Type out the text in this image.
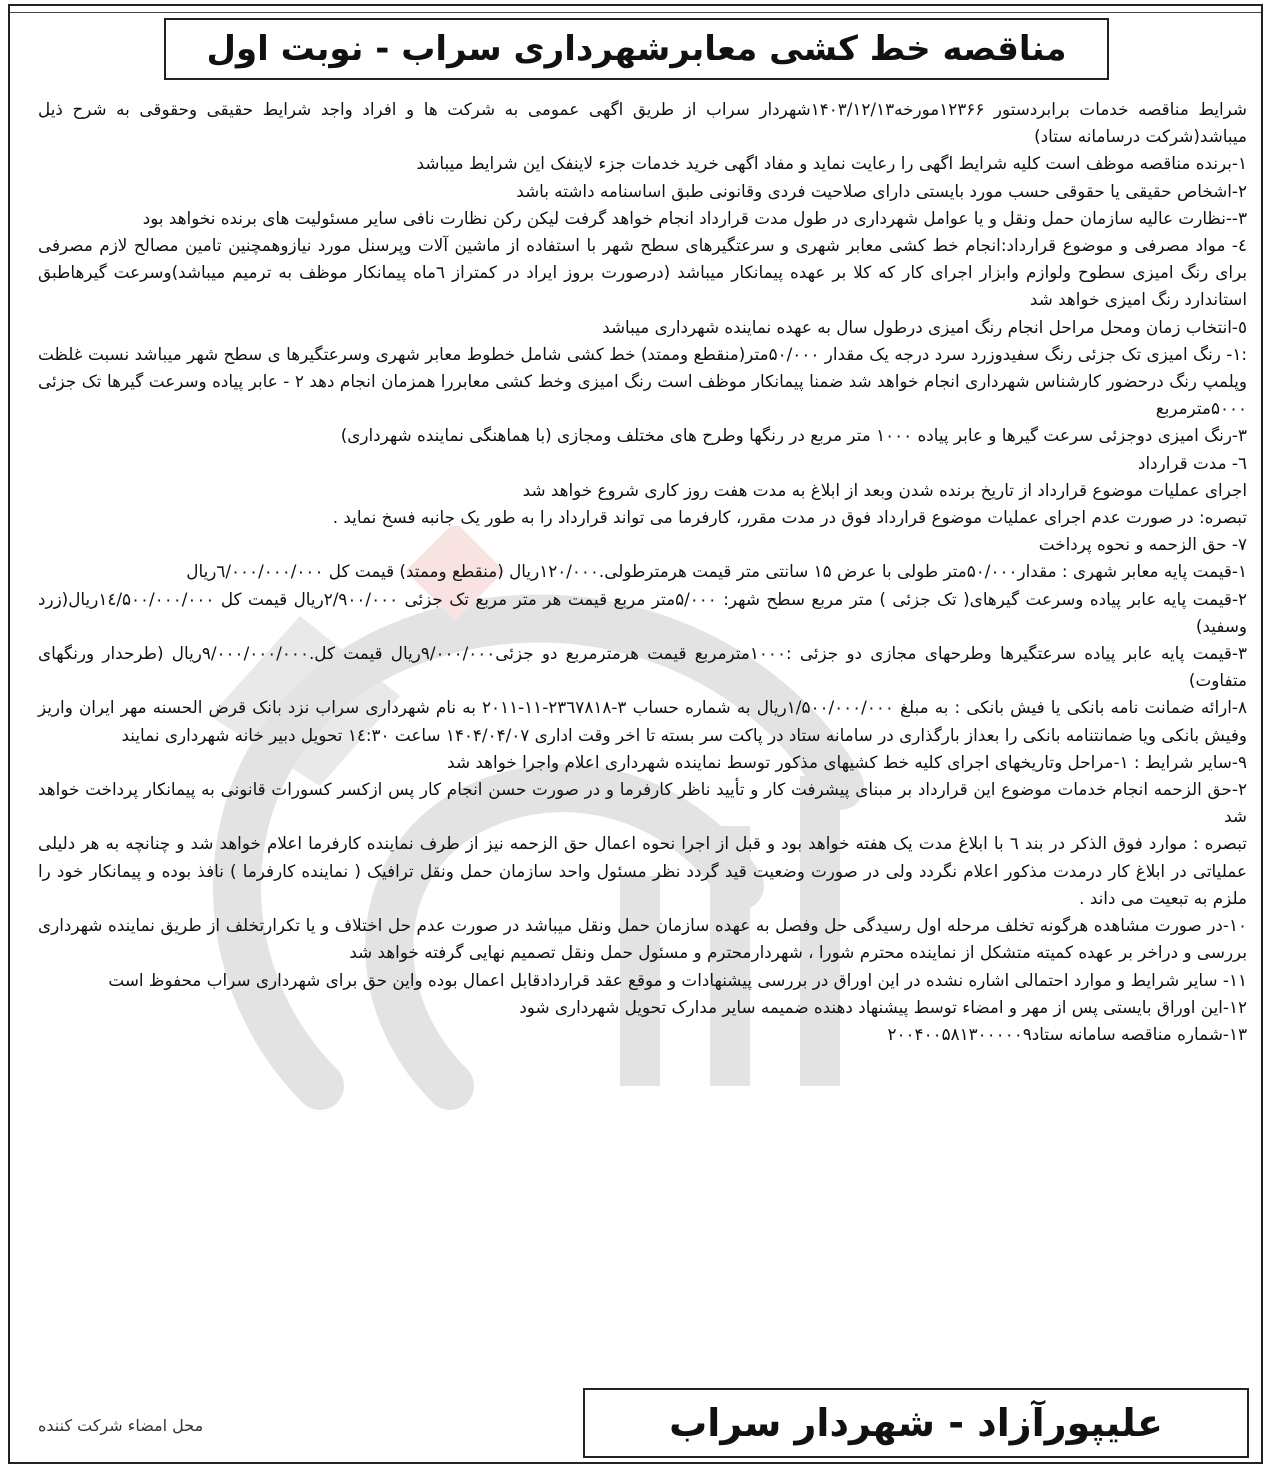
مناقصه خط کشی معابرشهرداری سراب - نوبت اول

شرایط مناقصه خدمات برابردستور ۱۲۳۶۶مورخه۱۴۰۳/۱۲/۱۳شهردار سراب از طریق اگهی عمومی به شرکت ها و افراد واجد شرایط حقیقی وحقوقی به شرح ذیل میباشد(شرکت درسامانه ستاد)

۱-برنده مناقصه موظف است کلیه شرایط اگهی را رعایت نماید و مفاد اگهی خرید خدمات جزء لاینفک این شرایط میباشد

۲-اشخاص حقیقی یا حقوقی حسب مورد بایستی دارای صلاحیت فردی وقانونی طبق اساسنامه داشته باشد

۳--نظارت عالیه سازمان حمل ونقل و یا عوامل شهرداری در طول مدت قرارداد انجام خواهد گرفت لیکن رکن نظارت نافی سایر مسئولیت های برنده نخواهد بود

٤- مواد مصرفی و موضوع قرارداد:انجام خط کشی معابر شهری و سرعتگیرهای سطح شهر با استفاده از ماشین آلات وپرسنل مورد نیازوهمچنین تامین مصالح لازم مصرفی برای رنگ امیزی سطوح ولوازم وابزار اجرای کار که کلا بر عهده پیمانکار میباشد (درصورت بروز ایراد در کمتراز ٦ماه پیمانکار موظف به ترمیم میباشد)وسرعت گیرهاطبق استاندارد رنگ امیزی خواهد شد

٥-انتخاب زمان ومحل مراحل انجام رنگ امیزی درطول سال به عهده نماینده شهرداری میباشد

:۱- رنگ امیزی تک جزئی رنگ سفیدوزرد سرد درجه یک مقدار ۵۰/۰۰۰متر(منقطع وممتد) خط کشی شامل خطوط معابر شهری وسرعتگیرها ی سطح شهر میباشد نسبت غلظت وپلمپ رنگ درحضور کارشناس شهرداری انجام خواهد شد ضمنا پیمانکار موظف است رنگ امیزی وخط کشی معابررا همزمان انجام دهد ۲ - عابر پیاده وسرعت گیرها تک جزئی ۵۰۰۰مترمربع

۳-رنگ امیزی دوجزئی سرعت گیرها و عابر پیاده ۱۰۰۰ متر مربع در رنگها وطرح های مختلف ومجازی (با هماهنگی نماینده شهرداری)

٦- مدت قرارداد

اجرای عملیات موضوع قرارداد از تاریخ برنده شدن وبعد از ابلاغ به مدت هفت روز کاری شروع خواهد شد

تبصره: در صورت عدم اجرای عملیات موضوع قرارداد فوق در مدت مقرر، کارفرما می تواند قرارداد را به طور یک جانبه فسخ نماید .

۷- حق الزحمه و نحوه پرداخت

۱-قیمت پایه معابر شهری : مقدار۵۰/۰۰۰متر طولی با عرض ۱۵ سانتی متر قیمت هرمترطولی.۱۲۰/۰۰۰ریال (منقطع وممتد) قیمت کل ٦/۰۰۰/۰۰۰/۰۰۰ریال

۲-قیمت پایه عابر پیاده وسرعت گیرهای( تک جزئی ) متر مربع سطح شهر: ۵/۰۰۰متر مربع قیمت هر متر مربع تک جزئی ۲/۹۰۰/۰۰۰ریال قیمت کل ۱٤/۵۰۰/۰۰۰/۰۰۰ریال(زرد وسفید)

۳-قیمت پایه عابر پیاده سرعتگیرها وطرحهای مجازی دو جزئی :۱۰۰۰مترمربع قیمت هرمترمربع دو جزئی۹/۰۰۰/۰۰۰ریال قیمت کل.۹/۰۰۰/۰۰۰/۰۰۰ریال (طرحدار ورنگهای متفاوت)

۸-ارائه ضمانت نامه بانکی یا فیش بانکی : به مبلغ ۱/۵۰۰/۰۰۰/۰۰۰ریال به شماره حساب ۳-۲۳٦۷۸۱۸-۱۱-۲۰۱۱ به نام شهرداری سراب نزد بانک قرض الحسنه مهر ایران واریز وفیش بانکی ویا ضمانتنامه بانکی را بعداز بارگذاری در سامانه ستاد در پاکت سر بسته تا اخر وقت اداری ۱۴۰۴/۰۴/۰۷ ساعت ۱٤:۳۰ تحویل دبیر خانه شهرداری نمایند

۹-سایر شرایط : ۱-مراحل وتاریخهای اجرای کلیه خط کشیهای مذکور توسط نماینده شهرداری اعلام واجرا خواهد شد

۲-حق الزحمه انجام خدمات موضوع این قرارداد بر مبنای پیشرفت کار و تأیید ناظر کارفرما و در صورت حسن انجام کار پس ازکسر کسورات قانونی به پیمانکار پرداخت خواهد شد

تبصره : موارد فوق الذکر در بند ٦ با ابلاغ مدت یک هفته خواهد بود و قبل از اجرا نحوه اعمال حق الزحمه نیز از طرف نماینده کارفرما اعلام خواهد شد و چنانچه به هر دلیلی عملیاتی در ابلاغ کار درمدت مذکور اعلام نگردد ولی در صورت وضعیت قید گردد نظر مسئول واحد سازمان حمل ونقل ترافیک ( نماینده کارفرما ) نافذ بوده و پیمانکار خود را ملزم به تبعیت می داند .

۱۰-در صورت مشاهده هرگونه تخلف مرحله اول رسیدگی حل وفصل به عهده سازمان حمل ونقل میباشد در صورت عدم حل اختلاف و یا تکرارتخلف از طریق نماینده شهرداری بررسی و دراخر بر عهده کمیته متشکل از نماینده محترم شورا ، شهردارمحترم و مسئول حمل ونقل تصمیم نهایی گرفته خواهد شد

۱۱- سایر شرایط و موارد احتمالی اشاره نشده در این اوراق در بررسی پیشنهادات و موقع عقد قراردادقابل اعمال بوده واین حق برای شهرداری سراب محفوظ است

۱۲-این اوراق بایستی پس از مهر و امضاء توسط پیشنهاد دهنده ضمیمه سایر مدارک تحویل شهرداری شود

۱۳-شماره مناقصه سامانه ستاد۲۰۰۴۰۰۵۸۱۳۰۰۰۰۰۹

علیپورآزاد - شهردار سراب
محل امضاء شرکت کننده
